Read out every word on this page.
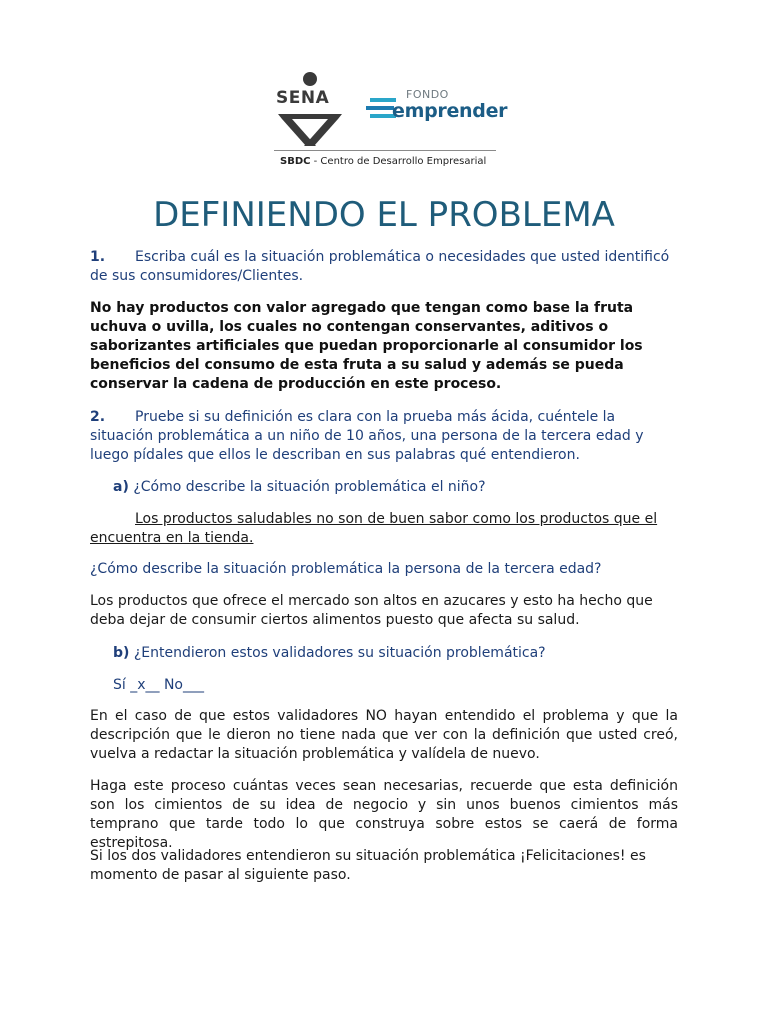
SENA	FONDO
emprender
SBDC - Centro de Desarrollo Empresarial
DEFINIENDO EL PROBLEMA

1. Escriba cuál es la situación problemática o necesidades que usted identificó de sus consumidores/Clientes.

No hay productos con valor agregado que tengan como base la fruta uchuva o uvilla, los cuales no contengan conservantes, aditivos o saborizantes artificiales que puedan proporcionarle al consumidor los beneficios del consumo de esta fruta a su salud y además se pueda conservar la cadena de producción en este proceso.

2. Pruebe si su definición es clara con la prueba más ácida, cuéntele la situación problemática a un niño de 10 años, una persona de la tercera edad y luego pídales que ellos le describan en sus palabras qué entendieron.

a) ¿Cómo describe la situación problemática el niño?

Los productos saludables no son de buen sabor como los productos que el encuentra en la tienda.

¿Cómo describe la situación problemática la persona de la tercera edad?

Los productos que ofrece el mercado son altos en azucares y esto ha hecho que deba dejar de consumir ciertos alimentos puesto que afecta su salud.

b) ¿Entendieron estos validadores su situación problemática?

Sí _x__ No___

En el caso de que estos validadores NO hayan entendido el problema y que la descripción que le dieron no tiene nada que ver con la definición que usted creó, vuelva a redactar la situación problemática y valídela de nuevo.

Haga este proceso cuántas veces sean necesarias, recuerde que esta definición son los cimientos de su idea de negocio y sin unos buenos cimientos más temprano que tarde todo lo que construya sobre estos se caerá de forma estrepitosa.

Si los dos validadores entendieron su situación problemática ¡Felicitaciones! es momento de pasar al siguiente paso.
